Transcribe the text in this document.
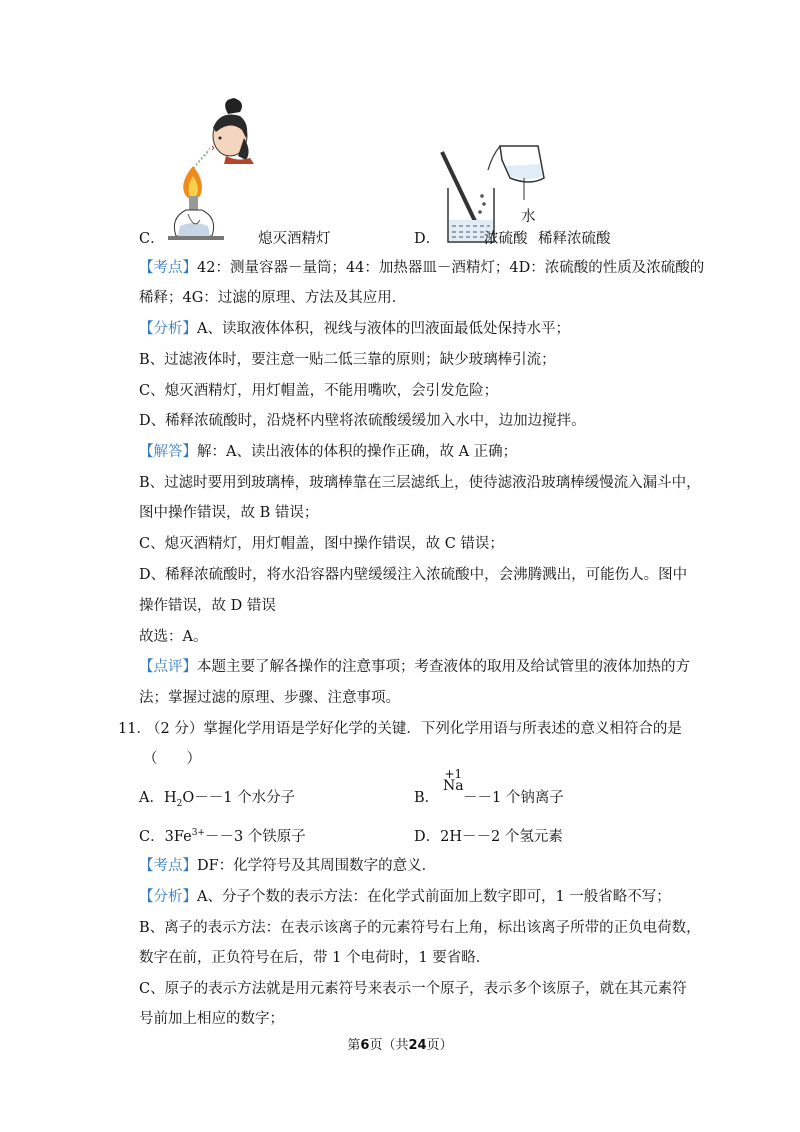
C．	熄灭酒精灯	D．
水
浓硫酸 稀释浓硫酸
【考点】42：测量容器－量筒；44：加热器皿－酒精灯；4D：浓硫酸的性质及浓硫酸的
稀释；4G：过滤的原理、方法及其应用．
【分析】A、读取液体体积，视线与液体的凹液面最低处保持水平；
B、过滤液体时，要注意一贴二低三靠的原则；缺少玻璃棒引流；
C、熄灭酒精灯，用灯帽盖，不能用嘴吹，会引发危险；
D、稀释浓硫酸时，沿烧杯内壁将浓硫酸缓缓加入水中，边加边搅拌。
【解答】解：A、读出液体的体积的操作正确，故 A 正确；
B、过滤时要用到玻璃棒，玻璃棒靠在三层滤纸上，使待滤液沿玻璃棒缓慢流入漏斗中，
图中操作错误，故 B 错误；
C、熄灭酒精灯，用灯帽盖，图中操作错误，故 C 错误；
D、稀释浓硫酸时，将水沿容器内壁缓缓注入浓硫酸中，会沸腾溅出，可能伤人。图中
操作错误，故 D 错误
故选：A。
【点评】本题主要了解各操作的注意事项；考查液体的取用及给试管里的液体加热的方
法；掌握过滤的原理、步骤、注意事项。
11．
（2 分）掌握化学用语是学好化学的关键．下列化学用语与所表述的意义相符合的是
（　　）
A．$H_2O--1$ 个水分子	B．
+1
Na
－－1 个钠离子
C．$3Fe^{3+}--3$ 个铁原子	D．2H－－2 个氢元素
【考点】DF：化学符号及其周围数字的意义．
【分析】A、分子个数的表示方法：在化学式前面加上数字即可，1 一般省略不写；
B、离子的表示方法：在表示该离子的元素符号右上角，标出该离子所带的正负电荷数，
数字在前，正负符号在后，带 1 个电荷时，1 要省略．
C、原子的表示方法就是用元素符号来表示一个原子，表示多个该原子，就在其元素符
号前加上相应的数字；
第6页（共24页）
